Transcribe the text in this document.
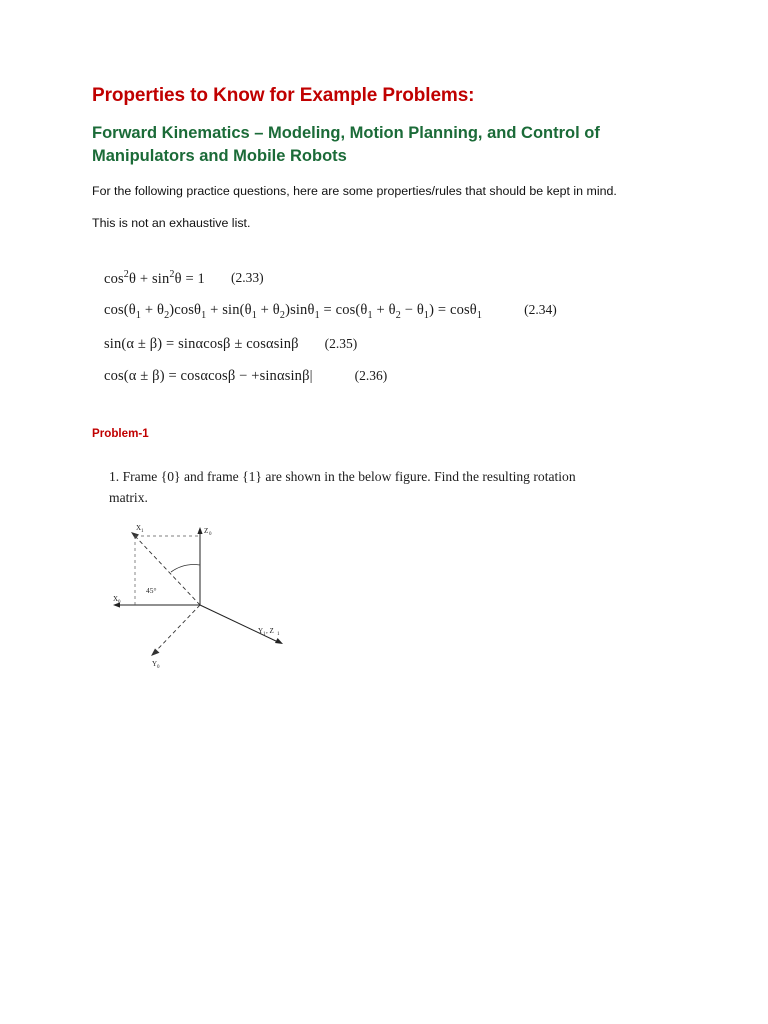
Properties to Know for Example Problems:
Forward Kinematics – Modeling, Motion Planning, and Control of Manipulators and Mobile Robots

For the following practice questions, here are some properties/rules that should be kept in mind.

This is not an exhaustive list.

$\cos^2\theta + \sin^2\theta = 1$ (2.33)
$\cos(\theta_1 + \theta_2)\cos\theta_1 + \sin(\theta_1 + \theta_2)\sin\theta_1 = \cos(\theta_1 + \theta_2 - \theta_1) = \cos\theta_1$	(2.34)
sin(α ± β) = sinαcosβ ± cosαsinβ (2.35)
cos(α ± β) = cosαcosβ − +sinαsinβ|	(2.36)
Problem-1
1. Frame {0} and frame {1} are shown in the below figure. Find the resulting rotation matrix.
Z 0
X 0
X 1
Y 0
Y 1 , Z 1
45°
